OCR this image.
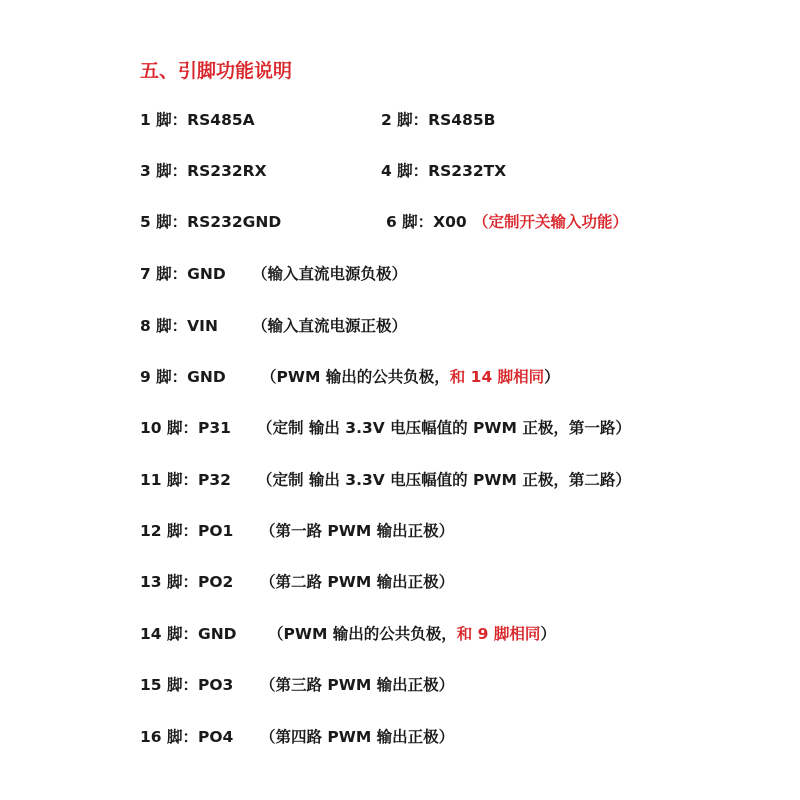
五、引脚功能说明
1 脚：RS485A	2 脚：RS485B
3 脚：RS232RX	4 脚：RS232TX
5 脚：RS232GND	6 脚：X00 （定制开关输入功能）
7 脚：GND （输入直流电源负极）
8 脚：VIN （输入直流电源正极）
9 脚：GND （PWM 输出的公共负极，和 14 脚相同）
10 脚：P31 （定制 输出 3.3V 电压幅值的 PWM 正极，第一路）
11 脚：P32 （定制 输出 3.3V 电压幅值的 PWM 正极，第二路）
12 脚：PO1 （第一路 PWM 输出正极）
13 脚：PO2 （第二路 PWM 输出正极）
14 脚：GND （PWM 输出的公共负极，和 9 脚相同）
15 脚：PO3 （第三路 PWM 输出正极）
16 脚：PO4 （第四路 PWM 输出正极）
